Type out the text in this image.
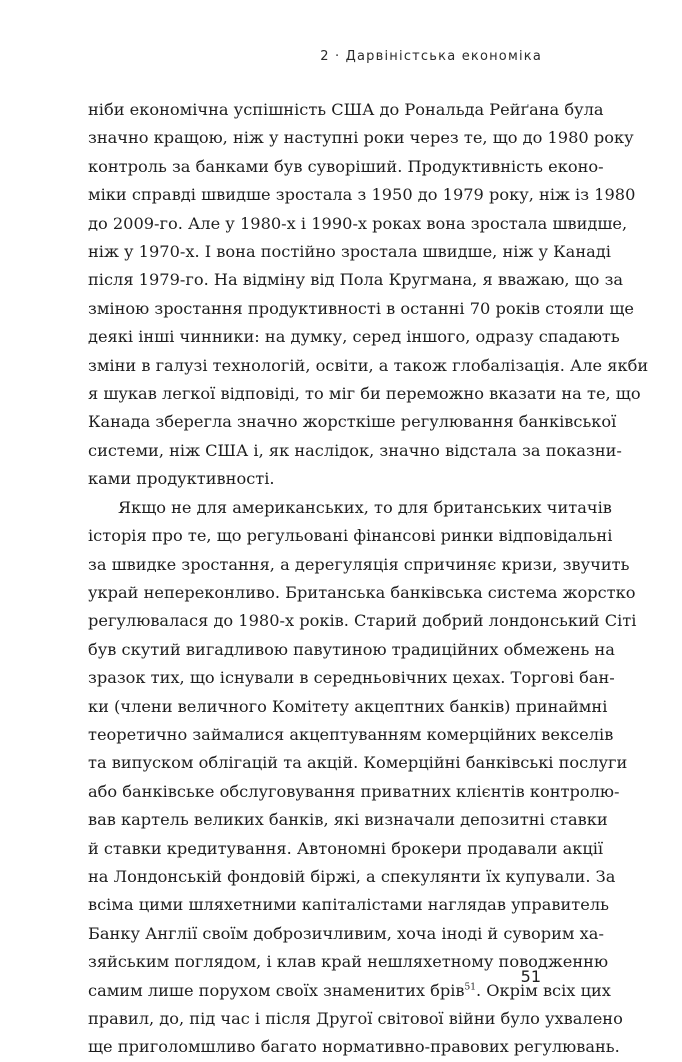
2 · Дарвіністська економіка

ніби економічна успішність США до Рональда Рейґана була
значно кращою, ніж у наступні роки через те, що до 1980 року
контроль за банками був суворіший. Продуктивність еконо-
міки справді швидше зростала з 1950 до 1979 року, ніж із 1980
до 2009-го. Але у 1980-х і 1990-х роках вона зростала швидше,
ніж у 1970-х. І вона постійно зростала швидше, ніж у Канаді
після 1979-го. На відміну від Пола Кругмана, я вважаю, що за
зміною зростання продуктивності в останні 70 років стояли ще
деякі інші чинники: на думку, серед іншого, одразу спадають
зміни в галузі технологій, освіти, а також глобалізація. Але якби
я шукав легкої відповіді, то міг би переможно вказати на те, що
Канада зберегла значно жорсткіше регулювання банківської
системи, ніж США і, як наслідок, значно відстала за показни-
ками продуктивності.

Якщо не для американських, то для британських читачів
історія про те, що регульовані фінансові ринки відповідальні
за швидке зростання, а дерегуляція спричиняє кризи, звучить
украй непереконливо. Британська банківська система жорстко
регулювалася до 1980-х років. Старий добрий лондонський Сіті
був скутий вигадливою павутиною традиційних обмежень на
зразок тих, що існували в середньовічних цехах. Торгові бан-
ки (члени величного Комітету акцептних банків) принаймні
теоретично займалися акцептуванням комерційних векселів
та випуском облігацій та акцій. Комерційні банківські послуги
або банківське обслуговування приватних клієнтів контролю-
вав картель великих банків, які визначали депозитні ставки
й ставки кредитування. Автономні брокери продавали акції
на Лондонській фондовій біржі, а спекулянти їх купували. За
всіма цими шляхетними капіталістами наглядав управитель
Банку Англії своїм доброзичливим, хоча іноді й суворим ха-
зяйським поглядом, і клав край нешляхетному поводженню
самим лише порухом своїх знаменитих брів$^{51}$. Окрім всіх цих
правил, до, під час і після Другої світової війни було ухвалено
ще приголомшливо багато нормативно-правових регулювань.

51
